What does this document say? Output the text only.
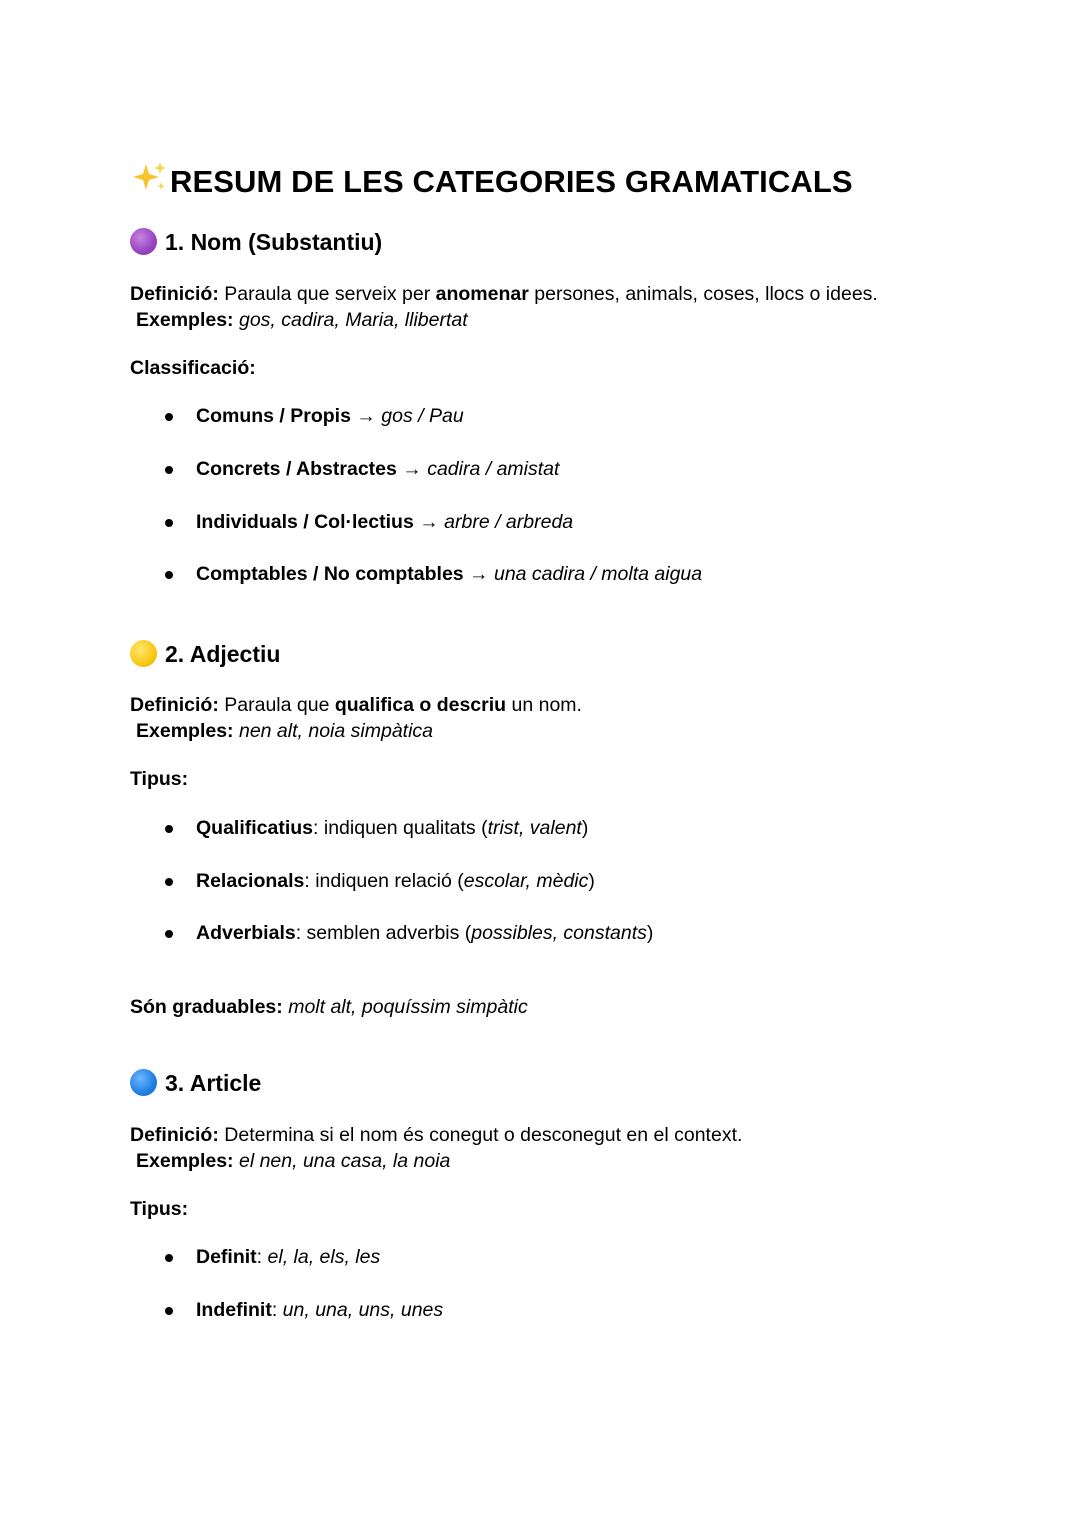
RESUM DE LES CATEGORIES GRAMATICALS
1. Nom (Substantiu)
Definició: Paraula que serveix per anomenar persones, animals, coses, llocs o idees.
Exemples: gos, cadira, Maria, llibertat
Classificació:
Comuns / Propis → gos / Pau
Concrets / Abstractes → cadira / amistat
Individuals / Col·lectius → arbre / arbreda
Comptables / No comptables → una cadira / molta aigua
2. Adjectiu
Definició: Paraula que qualifica o descriu un nom.
Exemples: nen alt, noia simpàtica
Tipus:
Qualificatius: indiquen qualitats (trist, valent)
Relacionals: indiquen relació (escolar, mèdic)
Adverbials: semblen adverbis (possibles, constants)
Són graduables: molt alt, poquíssim simpàtic
3. Article
Definició: Determina si el nom és conegut o desconegut en el context.
Exemples: el nen, una casa, la noia
Tipus:
Definit: el, la, els, les
Indefinit: un, una, uns, unes
